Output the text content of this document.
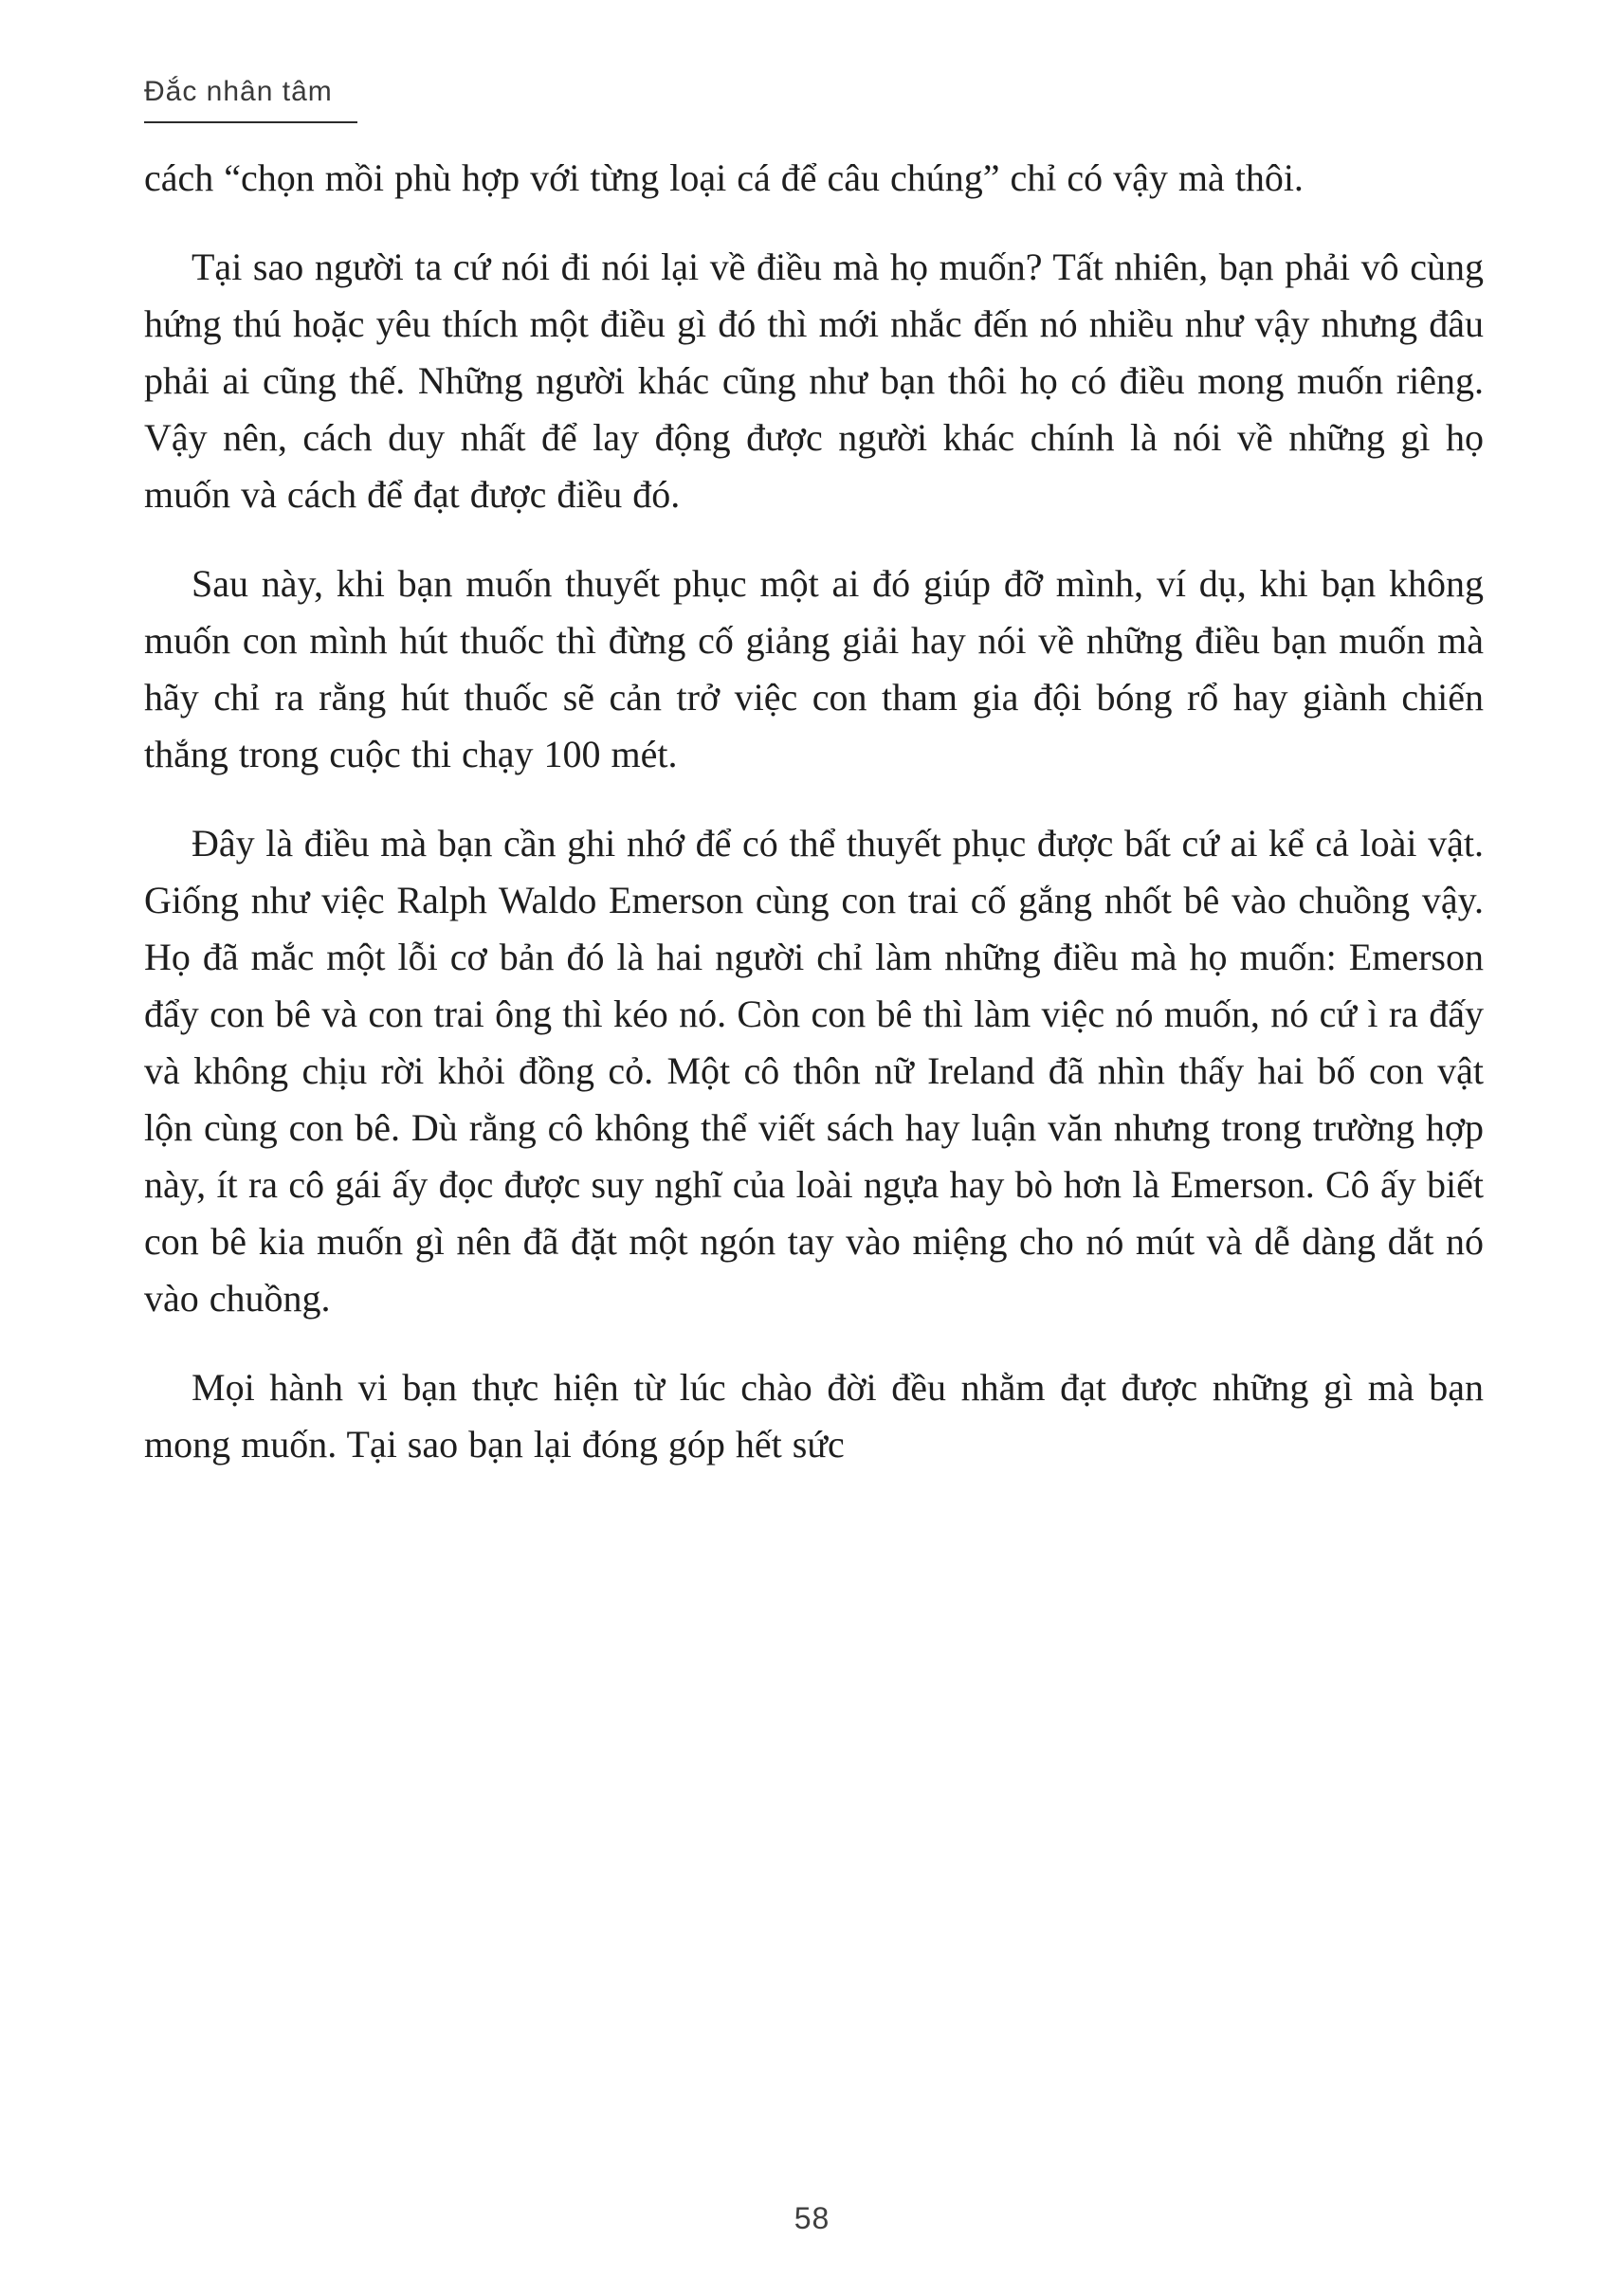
Đắc nhân tâm

cách “chọn mồi phù hợp với từng loại cá để câu chúng” chỉ có vậy mà thôi.

Tại sao người ta cứ nói đi nói lại về điều mà họ muốn? Tất nhiên, bạn phải vô cùng hứng thú hoặc yêu thích một điều gì đó thì mới nhắc đến nó nhiều như vậy nhưng đâu phải ai cũng thế. Những người khác cũng như bạn thôi họ có điều mong muốn riêng. Vậy nên, cách duy nhất để lay động được người khác chính là nói về những gì họ muốn và cách để đạt được điều đó.

Sau này, khi bạn muốn thuyết phục một ai đó giúp đỡ mình, ví dụ, khi bạn không muốn con mình hút thuốc thì đừng cố giảng giải hay nói về những điều bạn muốn mà hãy chỉ ra rằng hút thuốc sẽ cản trở việc con tham gia đội bóng rổ hay giành chiến thắng trong cuộc thi chạy 100 mét.

Đây là điều mà bạn cần ghi nhớ để có thể thuyết phục được bất cứ ai kể cả loài vật. Giống như việc Ralph Waldo Emerson cùng con trai cố gắng nhốt bê vào chuồng vậy. Họ đã mắc một lỗi cơ bản đó là hai người chỉ làm những điều mà họ muốn: Emerson đẩy con bê và con trai ông thì kéo nó. Còn con bê thì làm việc nó muốn, nó cứ ì ra đấy và không chịu rời khỏi đồng cỏ. Một cô thôn nữ Ireland đã nhìn thấy hai bố con vật lộn cùng con bê. Dù rằng cô không thể viết sách hay luận văn nhưng trong trường hợp này, ít ra cô gái ấy đọc được suy nghĩ của loài ngựa hay bò hơn là Emerson. Cô ấy biết con bê kia muốn gì nên đã đặt một ngón tay vào miệng cho nó mút và dễ dàng dắt nó vào chuồng.

Mọi hành vi bạn thực hiện từ lúc chào đời đều nhằm đạt được những gì mà bạn mong muốn. Tại sao bạn lại đóng góp hết sức

58
